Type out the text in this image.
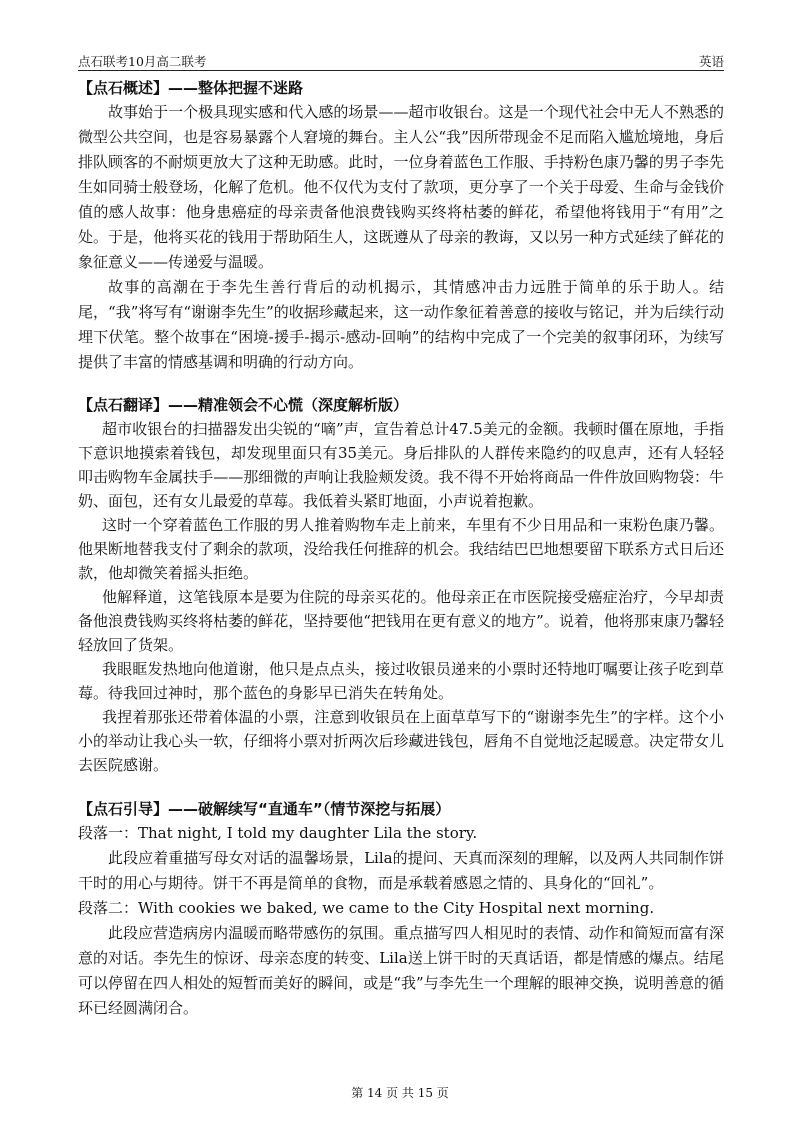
点石联考10月高二联考	英语
【点石概述】——整体把握不迷路

故事始于一个极具现实感和代入感的场景——超市收银台。这是一个现代社会中无人不熟悉的微型公共空间，也是容易暴露个人窘境的舞台。主人公“我”因所带现金不足而陷入尴尬境地，身后排队顾客的不耐烦更放大了这种无助感。此时，一位身着蓝色工作服、手持粉色康乃馨的男子李先生如同骑士般登场，化解了危机。他不仅代为支付了款项，更分享了一个关于母爱、生命与金钱价值的感人故事：他身患癌症的母亲责备他浪费钱购买终将枯萎的鲜花，希望他将钱用于“有用”之处。于是，他将买花的钱用于帮助陌生人，这既遵从了母亲的教诲，又以另一种方式延续了鲜花的象征意义——传递爱与温暖。

故事的高潮在于李先生善行背后的动机揭示，其情感冲击力远胜于简单的乐于助人。结尾，“我”将写有“谢谢李先生”的收据珍藏起来，这一动作象征着善意的接收与铭记，并为后续行动埋下伏笔。整个故事在“困境-援手-揭示-感动-回响”的结构中完成了一个完美的叙事闭环，为续写提供了丰富的情感基调和明确的行动方向。

【点石翻译】——精准领会不心慌（深度解析版）

超市收银台的扫描器发出尖锐的“嘀”声，宣告着总计47.5美元的金额。我顿时僵在原地，手指下意识地摸索着钱包，却发现里面只有35美元。身后排队的人群传来隐约的叹息声，还有人轻轻叩击购物车金属扶手——那细微的声响让我脸颊发烫。我不得不开始将商品一件件放回购物袋：牛奶、面包，还有女儿最爱的草莓。我低着头紧盯地面，小声说着抱歉。

这时一个穿着蓝色工作服的男人推着购物车走上前来，车里有不少日用品和一束粉色康乃馨。他果断地替我支付了剩余的款项，没给我任何推辞的机会。我结结巴巴地想要留下联系方式日后还款，他却微笑着摇头拒绝。

他解释道，这笔钱原本是要为住院的母亲买花的。他母亲正在市医院接受癌症治疗，今早却责备他浪费钱购买终将枯萎的鲜花，坚持要他“把钱用在更有意义的地方”。说着，他将那束康乃馨轻轻放回了货架。

我眼眶发热地向他道谢，他只是点点头，接过收银员递来的小票时还特地叮嘱要让孩子吃到草莓。待我回过神时，那个蓝色的身影早已消失在转角处。

我捏着那张还带着体温的小票，注意到收银员在上面草草写下的“谢谢李先生”的字样。这个小小的举动让我心头一软，仔细将小票对折两次后珍藏进钱包，唇角不自觉地泛起暖意。决定带女儿去医院感谢。

【点石引导】——破解续写“直通车”（情节深挖与拓展）

段落一：That night, I told my daughter Lila the story.

此段应着重描写母女对话的温馨场景，Lila的提问、天真而深刻的理解，以及两人共同制作饼干时的用心与期待。饼干不再是简单的食物，而是承载着感恩之情的、具身化的“回礼”。

段落二：With cookies we baked, we came to the City Hospital next morning.

此段应营造病房内温暖而略带感伤的氛围。重点描写四人相见时的表情、动作和简短而富有深意的对话。李先生的惊讶、母亲态度的转变、Lila送上饼干时的天真话语，都是情感的爆点。结尾可以停留在四人相处的短暂而美好的瞬间，或是“我”与李先生一个理解的眼神交换，说明善意的循环已经圆满闭合。

第 14 页 共 15 页
